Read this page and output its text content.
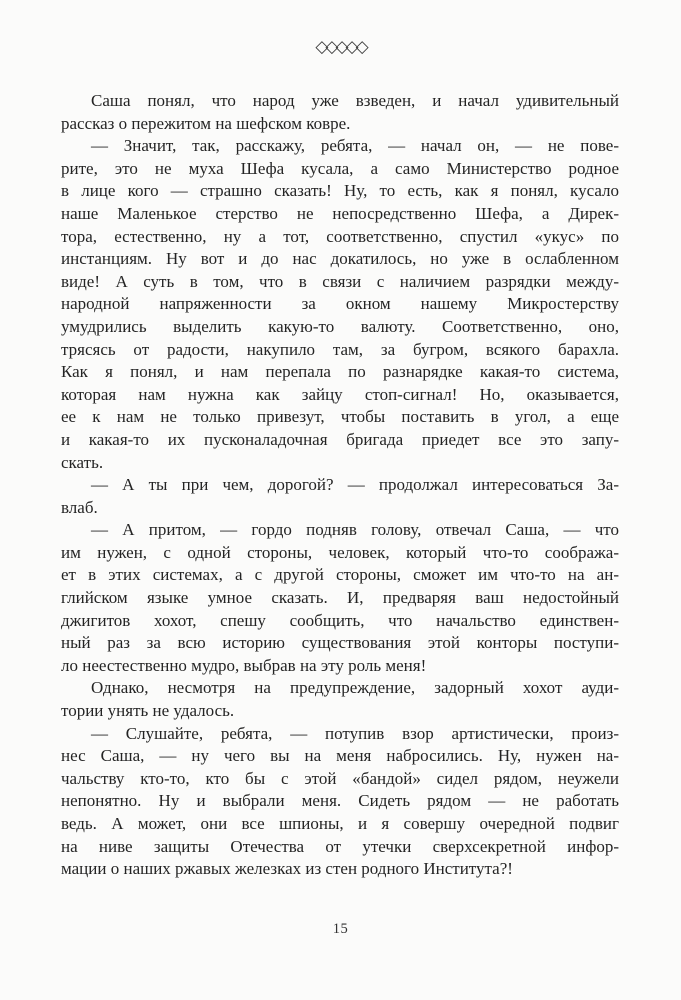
◇◇◇◇◇
Саша понял, что народ уже взведен, и начал удивительный
рассказ о пережитом на шефском ковре.
— Значит, так, расскажу, ребята, — начал он, — не пове-
рите, это не муха Шефа кусала, а само Министерство родное
в лице кого — страшно сказать! Ну, то есть, как я понял, кусало
наше Маленькое стерство не непосредственно Шефа, а Дирек-
тора, естественно, ну а тот, соответственно, спустил «укус» по
инстанциям. Ну вот и до нас докатилось, но уже в ослабленном
виде! А суть в том, что в связи с наличием разрядки между-
народной напряженности за окном нашему Микростерству
умудрились выделить какую-то валюту. Соответственно, оно,
трясясь от радости, накупило там, за бугром, всякого барахла.
Как я понял, и нам перепала по разнарядке какая-то система,
которая нам нужна как зайцу стоп-сигнал! Но, оказывается,
ее к нам не только привезут, чтобы поставить в угол, а еще
и какая-то их пусконаладочная бригада приедет все это запу-
скать.
— А ты при чем, дорогой? — продолжал интересоваться За-
влаб.
— А притом, — гордо подняв голову, отвечал Саша, — что
им нужен, с одной стороны, человек, который что-то сообража-
ет в этих системах, а с другой стороны, сможет им что-то на ан-
глийском языке умное сказать. И, предваряя ваш недостойный
джигитов хохот, спешу сообщить, что начальство единствен-
ный раз за всю историю существования этой конторы поступи-
ло неестественно мудро, выбрав на эту роль меня!
Однако, несмотря на предупреждение, задорный хохот ауди-
тории унять не удалось.
— Слушайте, ребята, — потупив взор артистически, произ-
нес Саша, — ну чего вы на меня набросились. Ну, нужен на-
чальству кто-то, кто бы с этой «бандой» сидел рядом, неужели
непонятно. Ну и выбрали меня. Сидеть рядом — не работать
ведь. А может, они все шпионы, и я совершу очередной подвиг
на ниве защиты Отечества от утечки сверхсекретной инфор-
мации о наших ржавых железках из стен родного Института?!
15
